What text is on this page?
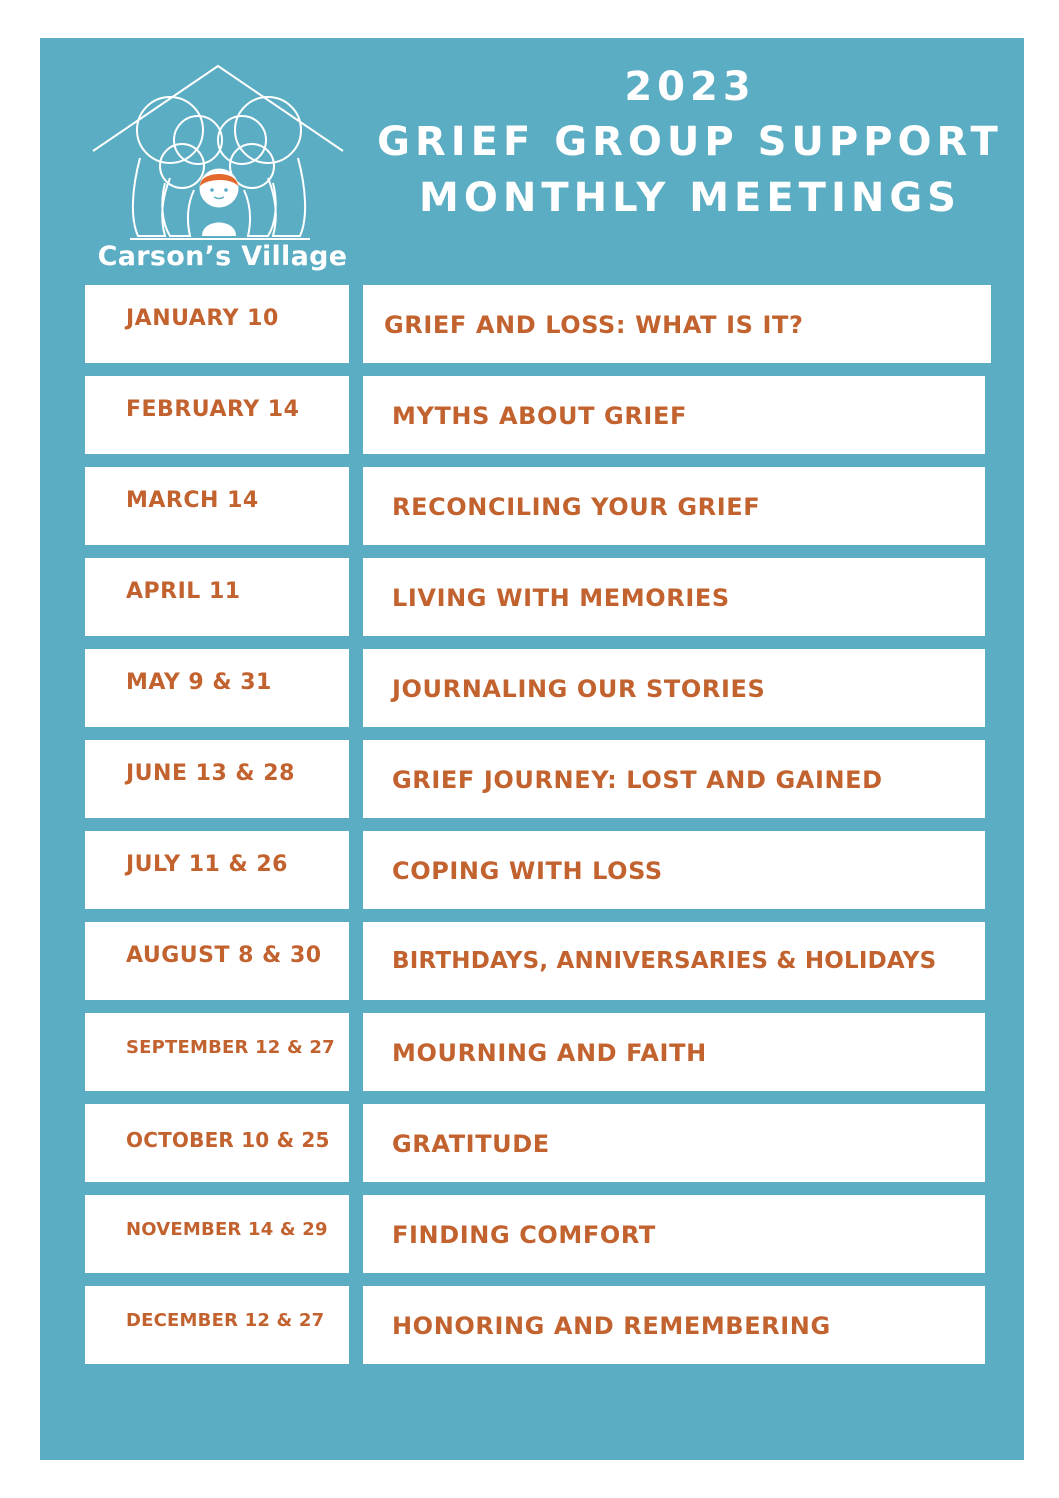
Carson’s Village
2023
GRIEF GROUP SUPPORT
MONTHLY MEETINGS
JANUARY 10	GRIEF AND LOSS: WHAT IS IT?
FEBRUARY 14	MYTHS ABOUT GRIEF
MARCH 14	RECONCILING YOUR GRIEF
APRIL 11	LIVING WITH MEMORIES
MAY 9 & 31	JOURNALING OUR STORIES
JUNE 13 & 28	GRIEF JOURNEY: LOST AND GAINED
JULY 11 & 26	COPING WITH LOSS
AUGUST 8 & 30	BIRTHDAYS, ANNIVERSARIES & HOLIDAYS
SEPTEMBER 12 & 27 MOURNING AND FAITH
OCTOBER 10 & 25	GRATITUDE
NOVEMBER 14 & 29	FINDING COMFORT
DECEMBER 12 & 27	HONORING AND REMEMBERING
